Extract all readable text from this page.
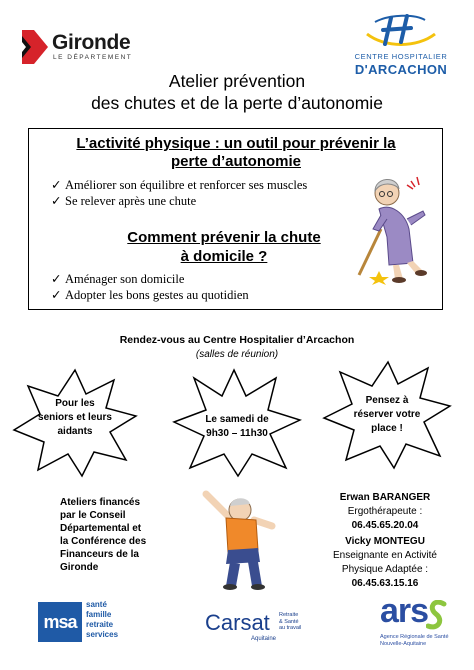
Gironde
LE DÉPARTEMENT	CENTRE HOSPITALIER
D'ARCACHON
Atelier prévention
des chutes et de la perte d’autonomie
L’activité physique : un outil pour prévenir la
perte d’autonomie
✓ Améliorer son équilibre et renforcer ses muscles
✓ Se relever après une chute
Comment prévenir la chute
à domicile ?
✓ Aménager son domicile
✓ Adopter les bons gestes au quotidien
Rendez-vous au Centre Hospitalier d’Arcachon
(salles de réunion)
Pour les
seniors et leurs
aidants
Le samedi de
9h30 – 11h30
Pensez à
réserver votre
place !
Ateliers financés
par le Conseil
Départemental et
la Conférence des
Financeurs de la
Gironde
Erwan BARANGER
Ergothérapeute :
06.45.65.20.04
Vicky MONTEGU
Enseignante en Activité
Physique Adaptée :
06.45.63.15.16
msa
santé
famille
retraite
services	Carsat Retraite
& Santé
au travail
Aquitaine
ars
Agence Régionale de Santé
Nouvelle-Aquitaine
